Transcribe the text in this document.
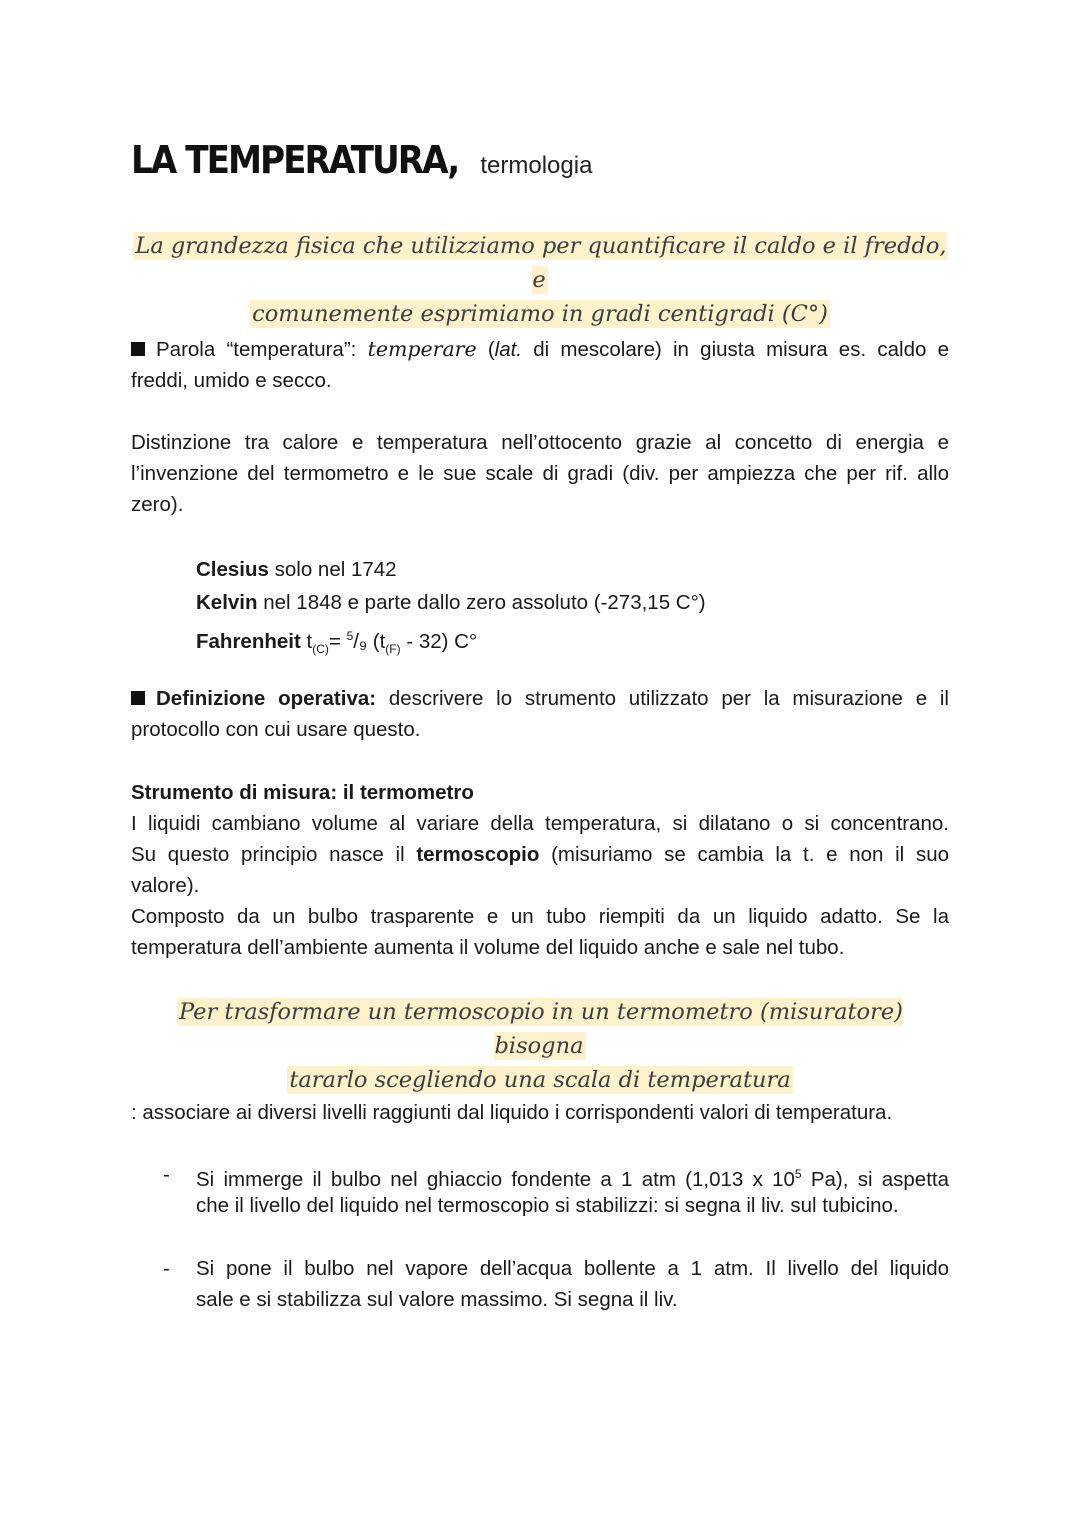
LA TEMPERATURA, termologia
La grandezza fisica che utilizziamo per quantificare il caldo e il freddo, e
comunemente esprimiamo in gradi centigradi (C°)
Parola “temperatura”: temperare (lat. di mescolare) in giusta misura es. caldo e
freddi, umido e secco.
Distinzione tra calore e temperatura nell’ottocento grazie al concetto di energia e
l’invenzione del termometro e le sue scale di gradi (div. per ampiezza che per rif. allo
zero).
Clesius solo nel 1742
Kelvin nel 1848 e parte dallo zero assoluto (-273,15 C°)
Fahrenheit $t_{(C)}= ^5/_9$ $(t_{(F)} - 32)$ C°
Definizione operativa: descrivere lo strumento utilizzato per la misurazione e il
protocollo con cui usare questo.
Strumento di misura: il termometro
I liquidi cambiano volume al variare della temperatura, si dilatano o si concentrano.
Su questo principio nasce il termoscopio (misuriamo se cambia la t. e non il suo
valore).
Composto da un bulbo trasparente e un tubo riempiti da un liquido adatto. Se la
temperatura dell’ambiente aumenta il volume del liquido anche e sale nel tubo.
Per trasformare un termoscopio in un termometro (misuratore) bisogna
tararlo scegliendo una scala di temperatura
: associare ai diversi livelli raggiunti dal liquido i corrispondenti valori di temperatura.
- Si immerge il bulbo nel ghiaccio fondente a 1 atm (1,013 x $10^5$ Pa), si aspetta
che il livello del liquido nel termoscopio si stabilizzi: si segna il liv. sul tubicino.
- Si pone il bulbo nel vapore dell’acqua bollente a 1 atm. Il livello del liquido
sale e si stabilizza sul valore massimo. Si segna il liv.
